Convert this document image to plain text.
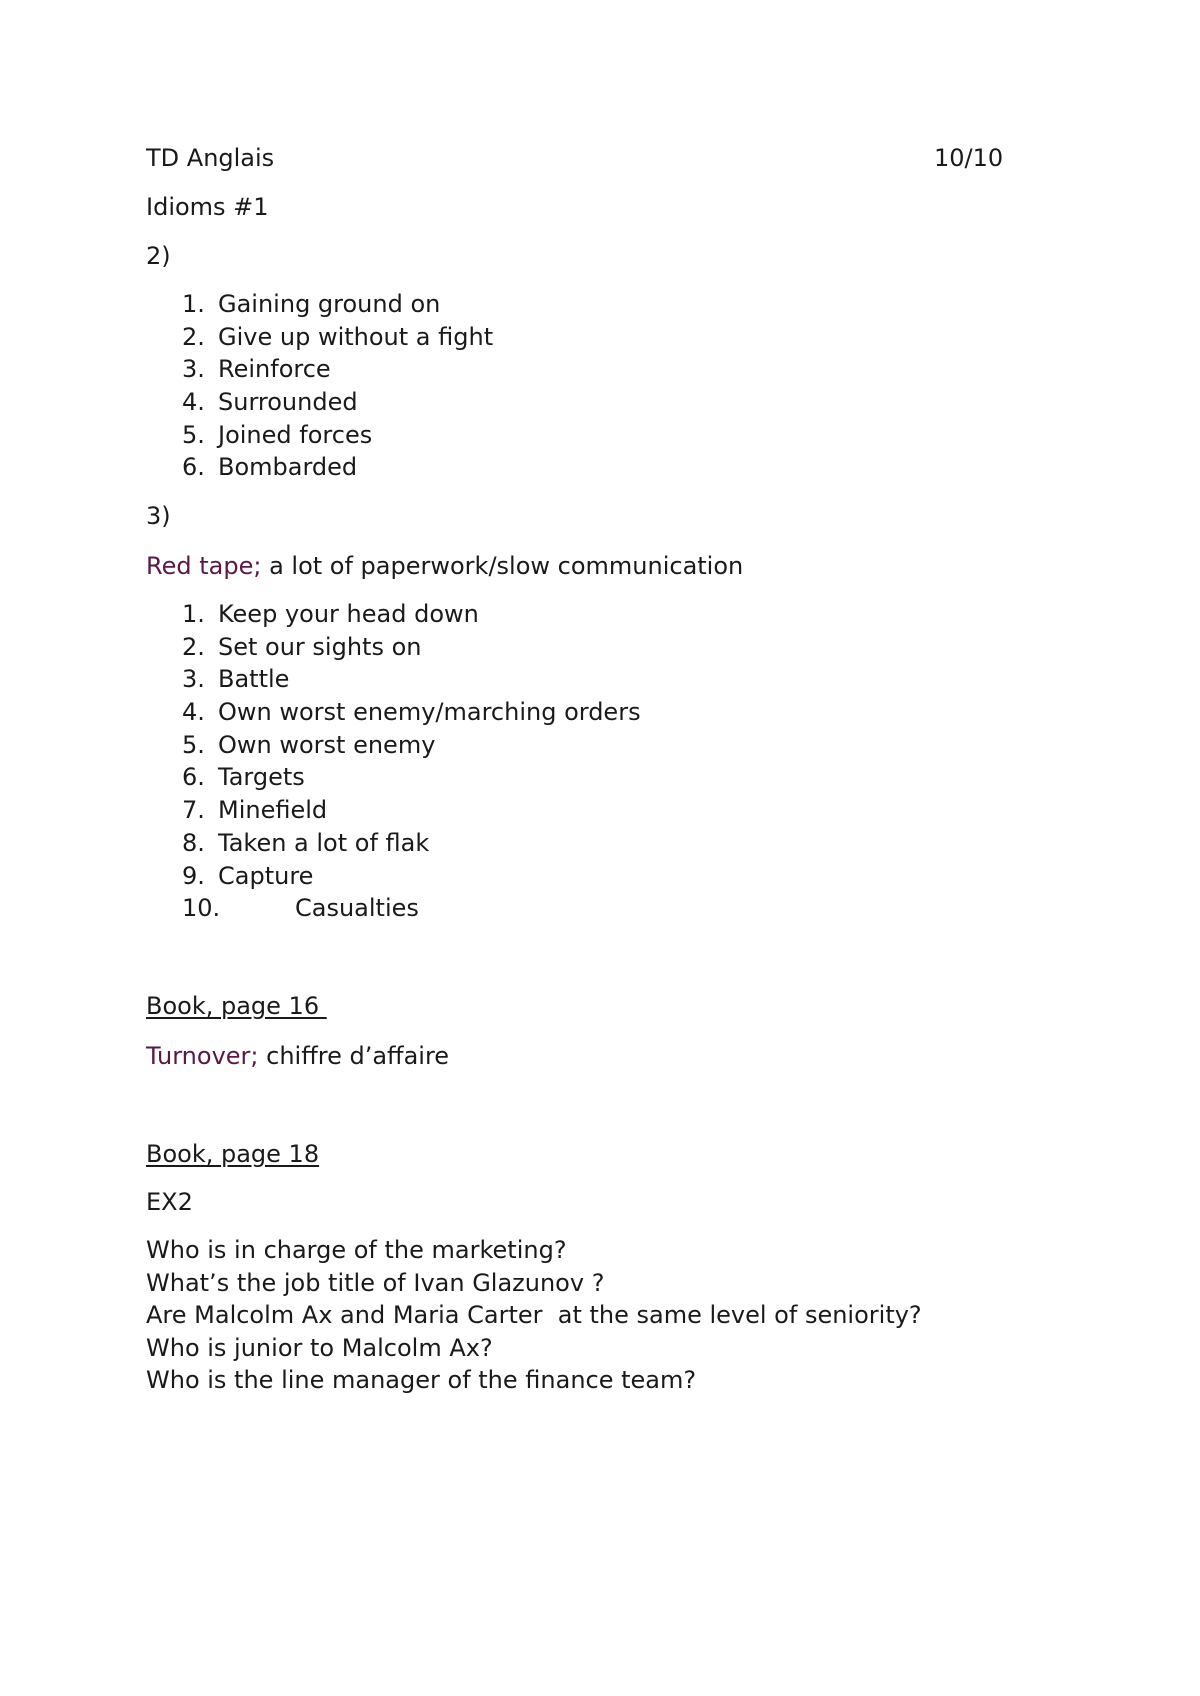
TD Anglais	10/10
Idioms #1
2)
1. Gaining ground on
2. Give up without a fight
3. Reinforce
4. Surrounded
5. Joined forces
6. Bombarded
3)
Red tape; a lot of paperwork/slow communication
1. Keep your head down
2. Set our sights on
3. Battle
4. Own worst enemy/marching orders
5. Own worst enemy
6. Targets
7. Minefield
8. Taken a lot of flak
9. Capture
10.	Casualties
Book, page 16
Turnover; chiffre d’affaire
Book, page 18
EX2
Who is in charge of the marketing?
What’s the job title of Ivan Glazunov ?
Are Malcolm Ax and Maria Carter  at the same level of seniority?
Who is junior to Malcolm Ax?
Who is the line manager of the finance team?
